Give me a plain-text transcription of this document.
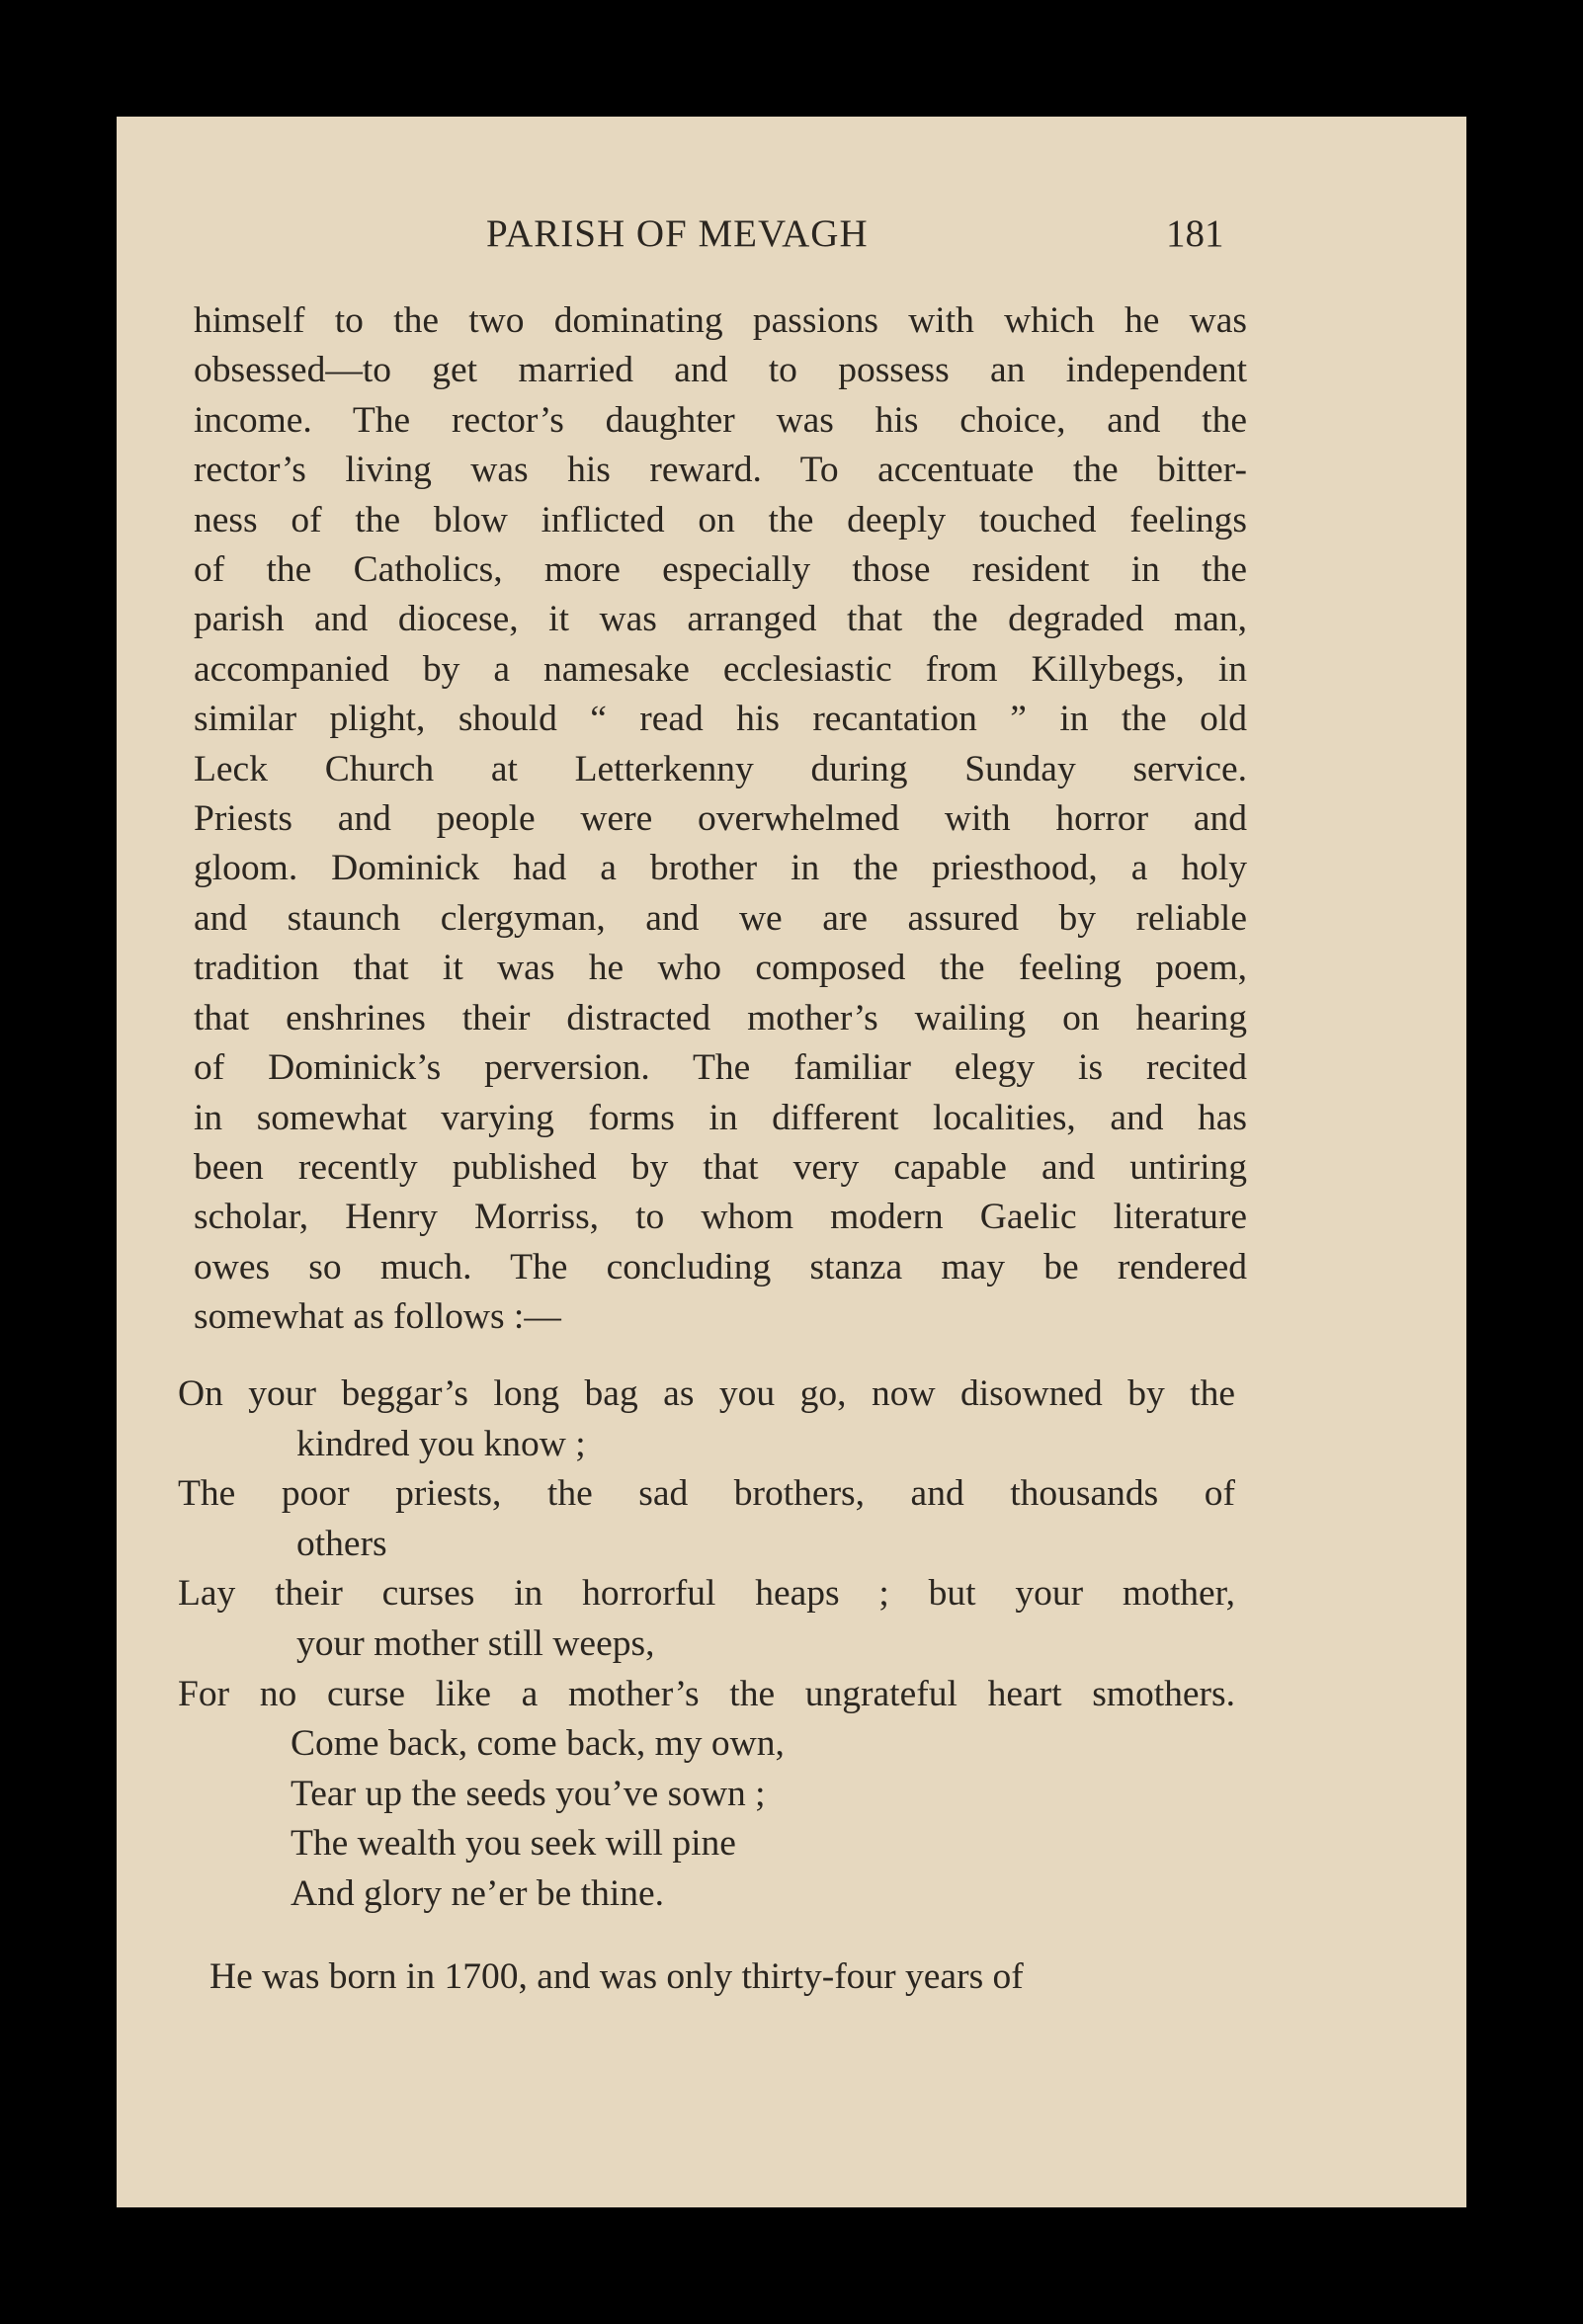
PARISH OF MEVAGH	181
himself to the two dominating passions with which he was
obsessed—to get married and to possess an independent
income. The rector’s daughter was his choice, and the
rector’s living was his reward. To accentuate the bitter-
ness of the blow inflicted on the deeply touched feelings
of the Catholics, more especially those resident in the
parish and diocese, it was arranged that the degraded man,
accompanied by a namesake ecclesiastic from Killybegs, in
similar plight, should “ read his recantation ” in the old
Leck Church at Letterkenny during Sunday service.
Priests and people were overwhelmed with horror and
gloom. Dominick had a brother in the priesthood, a holy
and staunch clergyman, and we are assured by reliable
tradition that it was he who composed the feeling poem,
that enshrines their distracted mother’s wailing on hearing
of Dominick’s perversion. The familiar elegy is recited
in somewhat varying forms in different localities, and has
been recently published by that very capable and untiring
scholar, Henry Morriss, to whom modern Gaelic literature
owes so much. The concluding stanza may be rendered
somewhat as follows :—
On your beggar’s long bag as you go, now disowned by the
kindred you know ;
The poor priests, the sad brothers, and thousands of
others
Lay their curses in horrorful heaps ; but your mother,
your mother still weeps,
For no curse like a mother’s the ungrateful heart smothers.
Come back, come back, my own,
Tear up the seeds you’ve sown ;
The wealth you seek will pine
And glory ne’er be thine.
He was born in 1700, and was only thirty-four years of
